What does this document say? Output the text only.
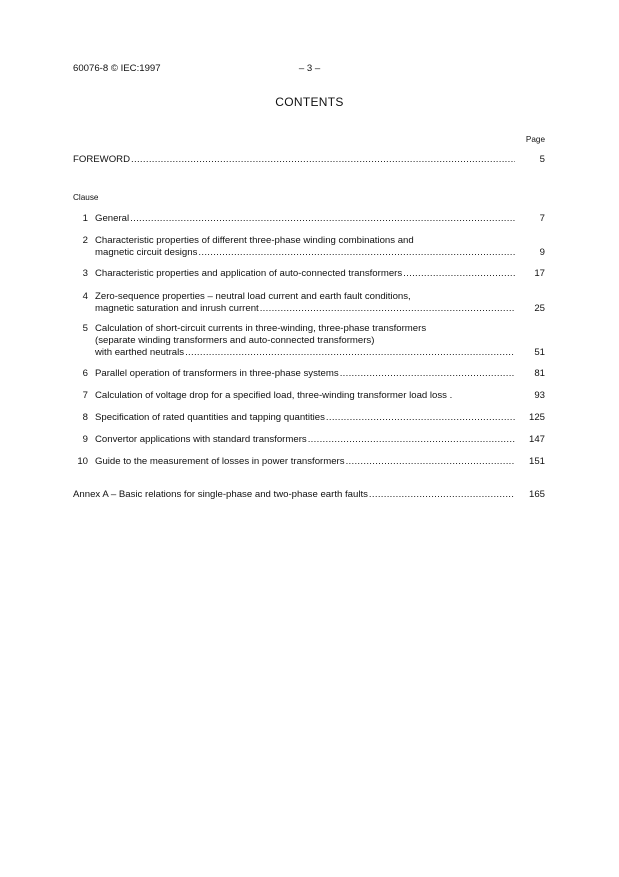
60076-8 © IEC:1997	– 3 –
CONTENTS
Page
FOREWORD .....	5
Clause
1 General .....	7
2 Characteristic properties of different three-phase winding combinations and
magnetic circuit designs .....	9
3 Characteristic properties and application of auto-connected transformers .....	17
4 Zero-sequence properties – neutral load current and earth fault conditions,
magnetic saturation and inrush current .....	25
5 Calculation of short-circuit currents in three-winding, three-phase transformers
(separate winding transformers and auto-connected transformers)
with earthed neutrals .....	51
6 Parallel operation of transformers in three-phase systems .....	81
7 Calculation of voltage drop for a specified load, three-winding transformer load loss .	93
8 Specification of rated quantities and tapping quantities .....	125
9 Convertor applications with standard transformers .....	147
10 Guide to the measurement of losses in power transformers .....	151
Annex A – Basic relations for single-phase and two-phase earth faults .....	165
